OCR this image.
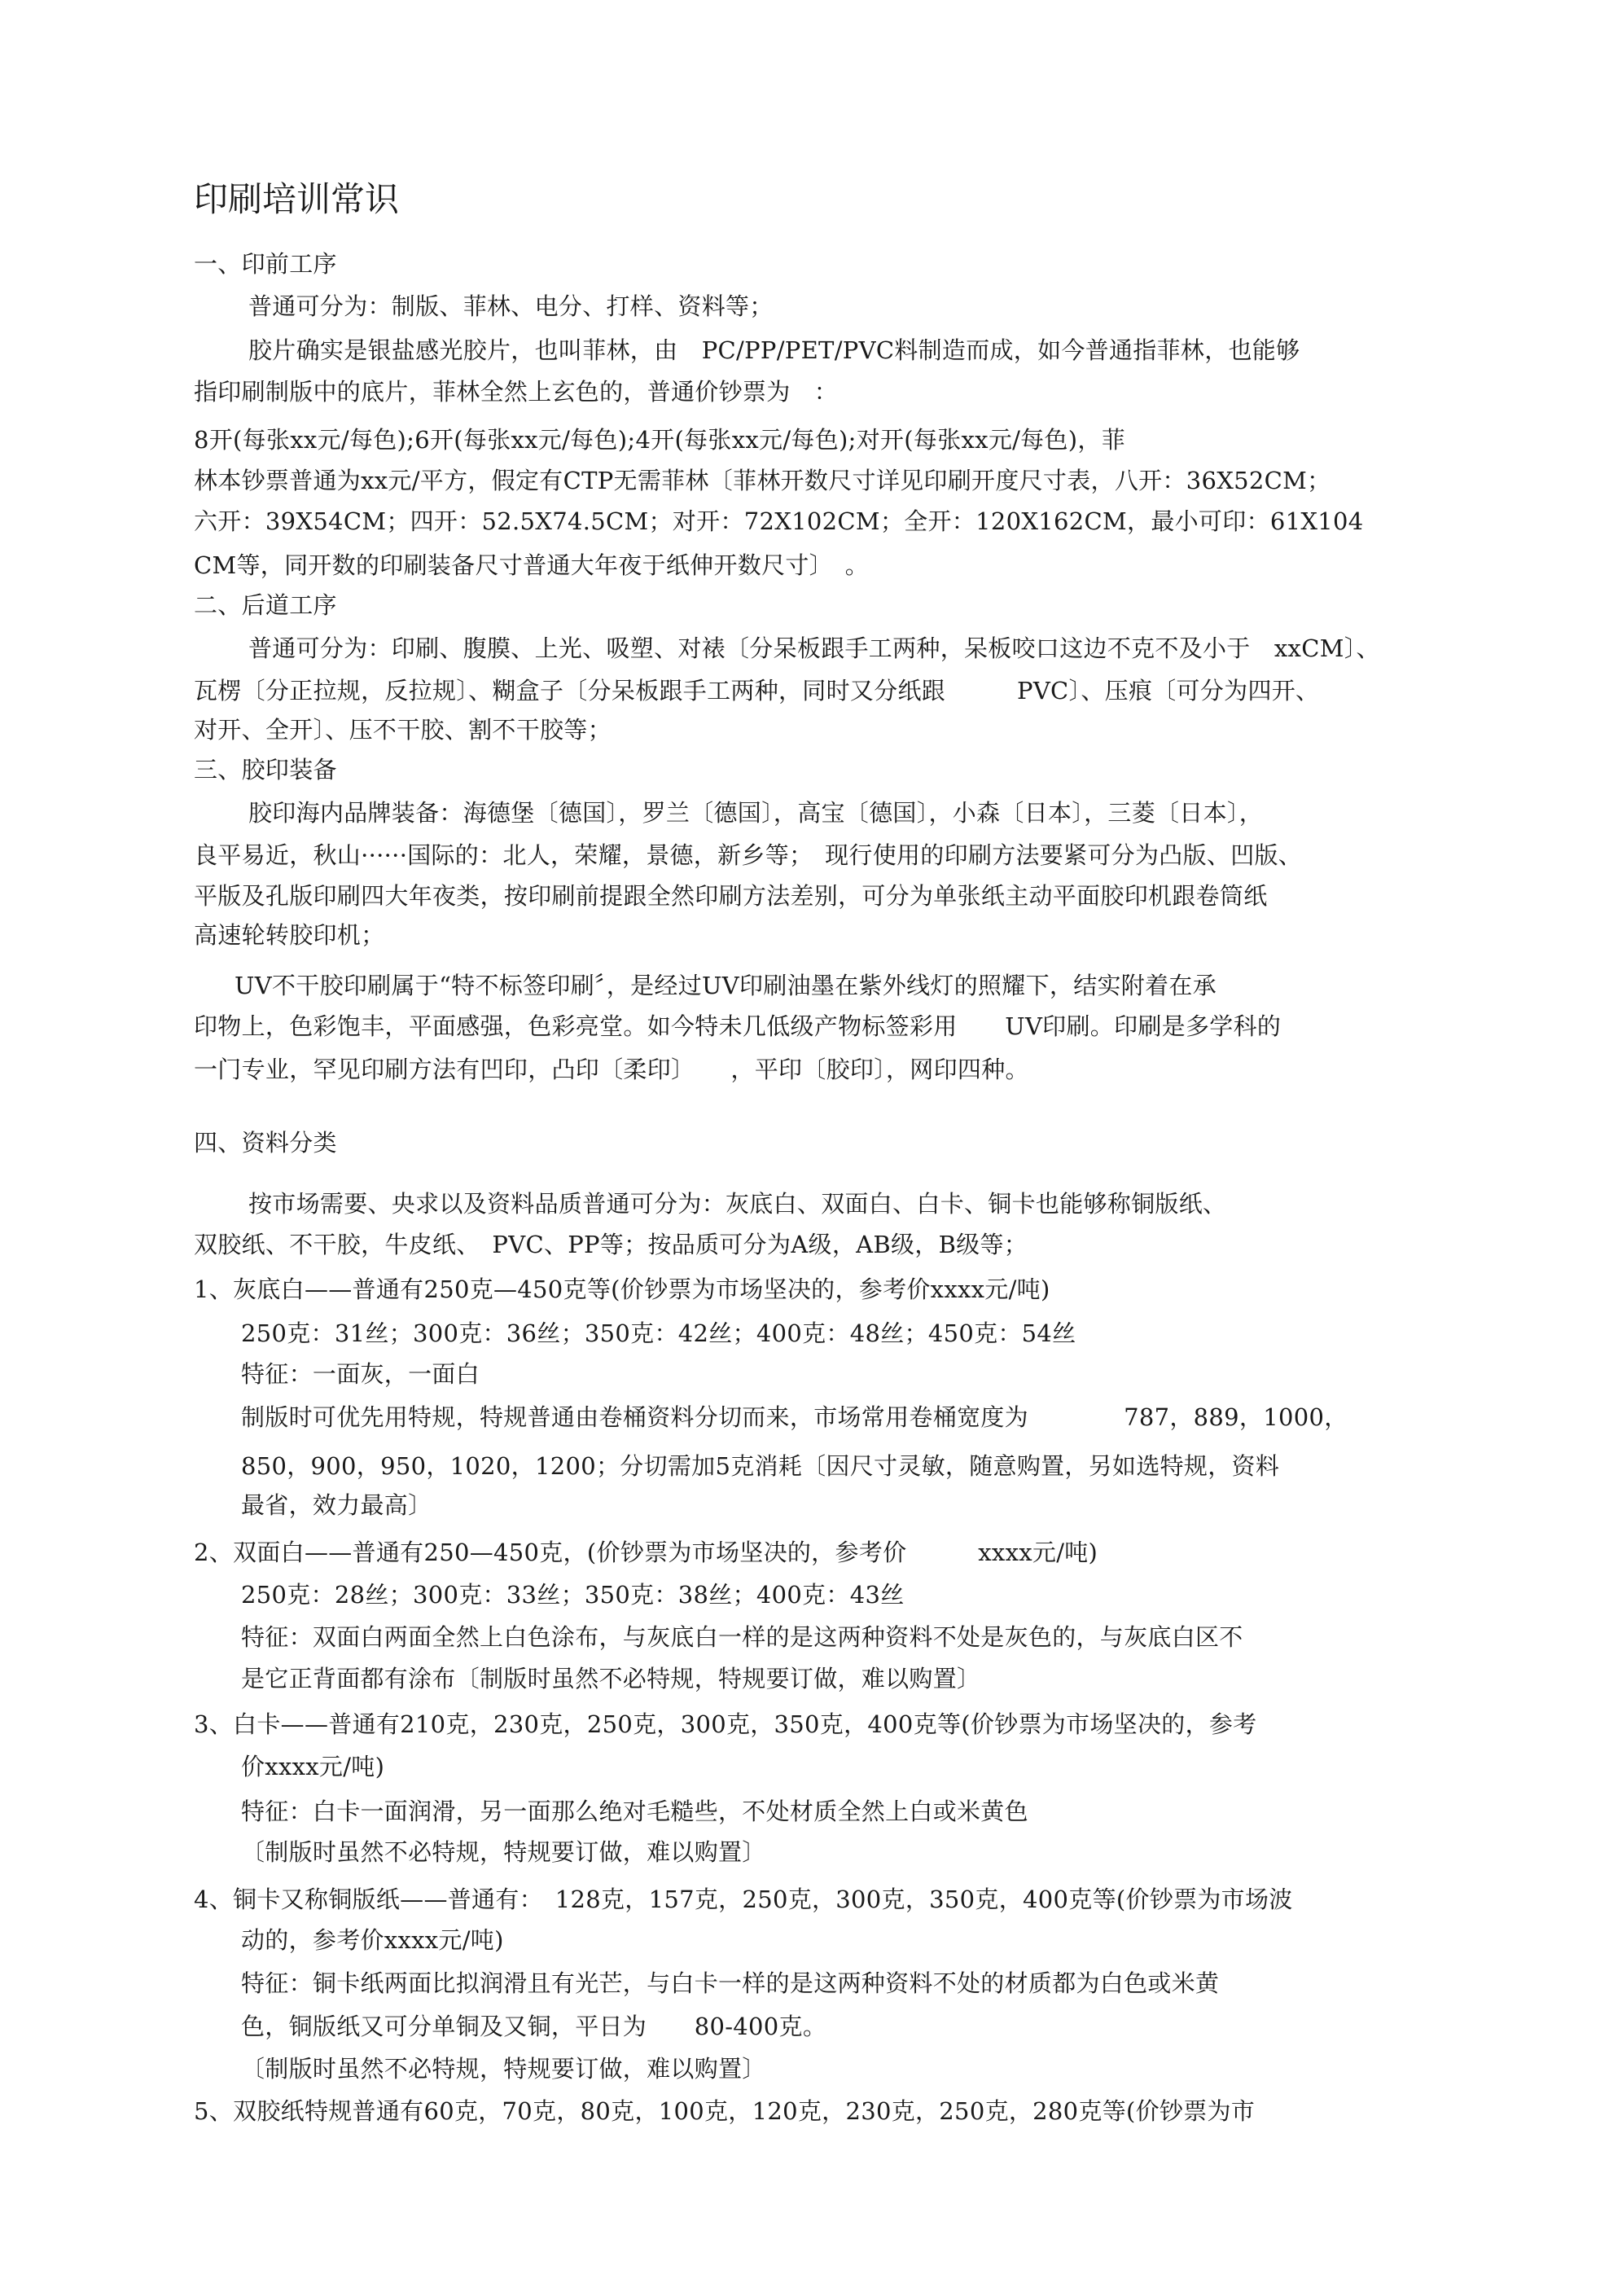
印刷培训常识
一、印前工序
普通可分为：制版、菲林、电分、打样、资料等；
胶片确实是银盐感光胶片，也叫菲林，由　PC/PP/PET/PVC料制造而成，如今普通指菲林，也能够
指印刷制版中的底片，菲林全然上玄色的，普通价钞票为　：
8开(每张xx元/每色);6开(每张xx元/每色);4开(每张xx元/每色);对开(每张xx元/每色)，菲
林本钞票普通为xx元/平方，假定有CTP无需菲林〔菲林开数尺寸详见印刷开度尺寸表，八开：36X52CM；
六开：39X54CM；四开：52.5X74.5CM；对开：72X102CM；全开：120X162CM，最小可印：61X104
CM等，同开数的印刷装备尺寸普通大年夜于纸伸开数尺寸〕　。
二、后道工序
普通可分为：印刷、腹膜、上光、吸塑、对裱〔分呆板跟手工两种，呆板咬口这边不克不及小于　xxCM〕、
瓦楞〔分正拉规，反拉规〕、糊盒子〔分呆板跟手工两种，同时又分纸跟　　　PVC〕、压痕〔可分为四开、
对开、全开〕、压不干胶、割不干胶等；
三、胶印装备
胶印海内品牌装备：海德堡〔德国〕，罗兰〔德国〕，高宝〔德国〕，小森〔日本〕，三菱〔日本〕，
良平易近，秋山······国际的：北人，荣耀，景德，新乡等；　现行使用的印刷方法要紧可分为凸版、凹版、
平版及孔版印刷四大年夜类，按印刷前提跟全然印刷方法差别，可分为单张纸主动平面胶印机跟卷筒纸
高速轮转胶印机；
UV不干胶印刷属于“特不标签印刷〞，是经过UV印刷油墨在紫外线灯的照耀下，结实附着在承
印物上，色彩饱丰，平面感强，色彩亮堂。如今特未几低级产物标签彩用　　UV印刷。印刷是多学科的
一门专业，罕见印刷方法有凹印，凸印〔柔印〕　　，平印〔胶印〕，网印四种。
四、资料分类
按市场需要、央求以及资料品质普通可分为：灰底白、双面白、白卡、铜卡也能够称铜版纸、
双胶纸、不干胶，牛皮纸、　PVC、PP等；按品质可分为A级，AB级，B级等；
1、灰底白——普通有250克—450克等(价钞票为市场坚决的，参考价xxxx元/吨)
250克：31丝；300克：36丝；350克：42丝；400克：48丝；450克：54丝
特征：一面灰，一面白
制版时可优先用特规，特规普通由卷桶资料分切而来，市场常用卷桶宽度为　　　　787，889，1000，
850，900，950，1020，1200；分切需加5克消耗〔因尺寸灵敏，随意购置，另如选特规，资料
最省，效力最高〕
2、双面白——普通有250—450克，(价钞票为市场坚决的，参考价　　　xxxx元/吨)
250克：28丝；300克：33丝；350克：38丝；400克：43丝
特征：双面白两面全然上白色涂布，与灰底白一样的是这两种资料不处是灰色的，与灰底白区不
是它正背面都有涂布〔制版时虽然不必特规，特规要订做，难以购置〕
3、白卡——普通有210克，230克，250克，300克，350克，400克等(价钞票为市场坚决的，参考
价xxxx元/吨)
特征：白卡一面润滑，另一面那么绝对毛糙些，不处材质全然上白或米黄色
〔制版时虽然不必特规，特规要订做，难以购置〕
4、铜卡又称铜版纸——普通有：　128克，157克，250克，300克，350克，400克等(价钞票为市场波
动的，参考价xxxx元/吨)
特征：铜卡纸两面比拟润滑且有光芒，与白卡一样的是这两种资料不处的材质都为白色或米黄
色，铜版纸又可分单铜及又铜，平日为　　80-400克。
〔制版时虽然不必特规，特规要订做，难以购置〕
5、双胶纸特规普通有60克，70克，80克，100克，120克，230克，250克，280克等(价钞票为市
